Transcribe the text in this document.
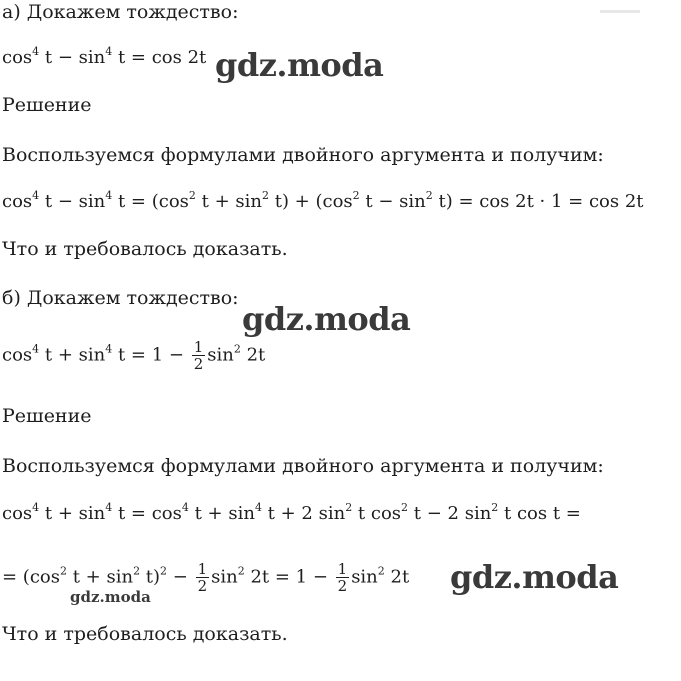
а) Докажем тождество:
$\cos^4 t - \sin^4 t = \cos 2t$
Решение
Воспользуемся формулами двойного аргумента и получим:
$\cos^4 t - \sin^4 t = (\cos^2$ $t + \sin^2 t) + (\cos^2$ $t - \sin^2 t) = \cos 2t \cdot 1 = \cos 2t$
Что и требовалось доказать.
б) Докажем тождество:
$\cos^4 t + \sin^4 t = 1 - \frac{1}{2} \sin^2 2t$
Решение
Воспользуемся формулами двойного аргумента и получим:
$\cos^4 t + \sin^4 t = \cos^4 t + \sin^4 t + 2$ $\sin^2 t$ $\cos^2 t - 2$ $\sin^2 t$ cos t =
= ($\cos^2$ $t + \sin^2 t)^2 - \frac{1}{2} \sin^2 2t = 1 - \frac{1}{2} \sin^2 2t$
Что и требовалось доказать.
gdz.moda
gdz.moda
gdz.moda
gdz.moda
